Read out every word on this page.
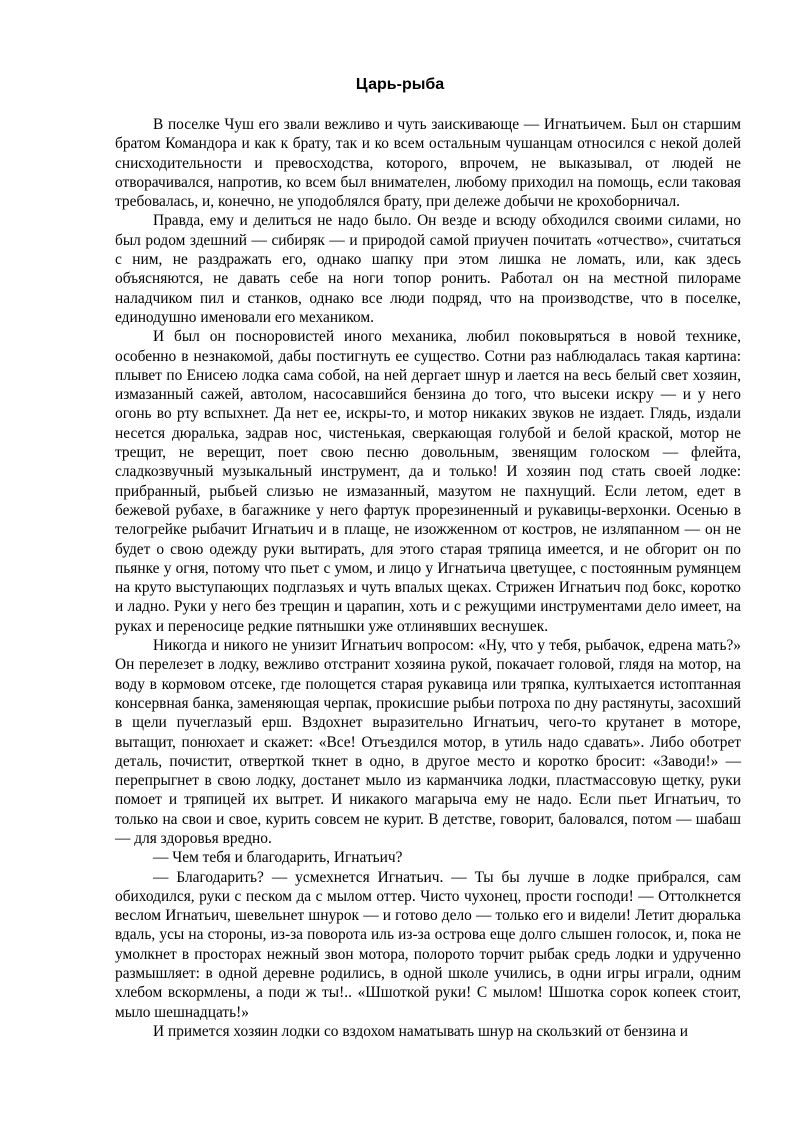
Царь-рыба

В поселке Чуш его звали вежливо и чуть заискивающе — Игнатьичем. Был он старшим братом Командора и как к брату, так и ко всем остальным чушанцам относился с некой долей снисходительности и превосходства, которого, впрочем, не выказывал, от людей не отворачивался, напротив, ко всем был внимателен, любому приходил на помощь, если таковая требовалась, и, конечно, не уподоблялся брату, при дележе добычи не крохоборничал.

Правда, ему и делиться не надо было. Он везде и всюду обходился своими силами, но был родом здешний — сибиряк — и природой самой приучен почитать «отчество», считаться с ним, не раздражать его, однако шапку при этом лишка не ломать, или, как здесь объясняются, не давать себе на ноги топор ронить. Работал он на местной пилораме наладчиком пил и станков, однако все люди подряд, что на производстве, что в поселке, единодушно именовали его механиком.

И был он посноровистей иного механика, любил поковыряться в новой технике, особенно в незнакомой, дабы постигнуть ее существо. Сотни раз наблюдалась такая картина: плывет по Енисею лодка сама собой, на ней дергает шнур и лается на весь белый свет хозяин, измазанный сажей, автолом, насосавшийся бензина до того, что высеки искру — и у него огонь во рту вспыхнет. Да нет ее, искры-то, и мотор никаких звуков не издает. Глядь, издали несется дюралька, задрав нос, чистенькая, сверкающая голубой и белой краской, мотор не трещит, не верещит, поет свою песню довольным, звенящим голоском — флейта, сладкозвучный музыкальный инструмент, да и только! И хозяин под стать своей лодке: прибранный, рыбьей слизью не измазанный, мазутом не пахнущий. Если летом, едет в бежевой рубахе, в багажнике у него фартук прорезиненный и рукавицы-верхонки. Осенью в телогрейке рыбачит Игнатьич и в плаще, не изожженном от костров, не изляпанном — он не будет о свою одежду руки вытирать, для этого старая тряпица имеется, и не обгорит он по пьянке у огня, потому что пьет с умом, и лицо у Игнатьича цветущее, с постоянным румянцем на круто выступающих подглазьях и чуть впалых щеках. Стрижен Игнатьич под бокс, коротко и ладно. Руки у него без трещин и царапин, хоть и с режущими инструментами дело имеет, на руках и переносице редкие пятнышки уже отлинявших веснушек.

Никогда и никого не унизит Игнатьич вопросом: «Ну, что у тебя, рыбачок, едрена мать?» Он перелезет в лодку, вежливо отстранит хозяина рукой, покачает головой, глядя на мотор, на воду в кормовом отсеке, где полощется старая рукавица или тряпка, култыхается истоптанная консервная банка, заменяющая черпак, прокисшие рыбьи потроха по дну растянуты, засохший в щели пучеглазый ерш. Вздохнет выразительно Игнатьич, чего-то крутанет в моторе, вытащит, понюхает и скажет: «Все! Отъездился мотор, в утиль надо сдавать». Либо оботрет деталь, почистит, отверткой ткнет в одно, в другое место и коротко бросит: «Заводи!» — перепрыгнет в свою лодку, достанет мыло из карманчика лодки, пластмассовую щетку, руки помоет и тряпицей их вытрет. И никакого магарыча ему не надо. Если пьет Игнатьич, то только на свои и свое, курить совсем не курит. В детстве, говорит, баловался, потом — шабаш — для здоровья вредно.

— Чем тебя и благодарить, Игнатьич?

— Благодарить? — усмехнется Игнатьич. — Ты бы лучше в лодке прибрался, сам обиходился, руки с песком да с мылом оттер. Чисто чухонец, прости господи! — Оттолкнется веслом Игнатьич, шевельнет шнурок — и готово дело — только его и видели! Летит дюралька вдаль, усы на стороны, из-за поворота иль из-за острова еще долго слышен голосок, и, пока не умолкнет в просторах нежный звон мотора, полорото торчит рыбак средь лодки и удрученно размышляет: в одной деревне родились, в одной школе учились, в одни игры играли, одним хлебом вскормлены, а поди ж ты!.. «Шшоткой руки! С мылом! Шшотка сорок копеек стоит, мыло шешнадцать!»

И примется хозяин лодки со вздохом наматывать шнур на скользкий от бензина и
